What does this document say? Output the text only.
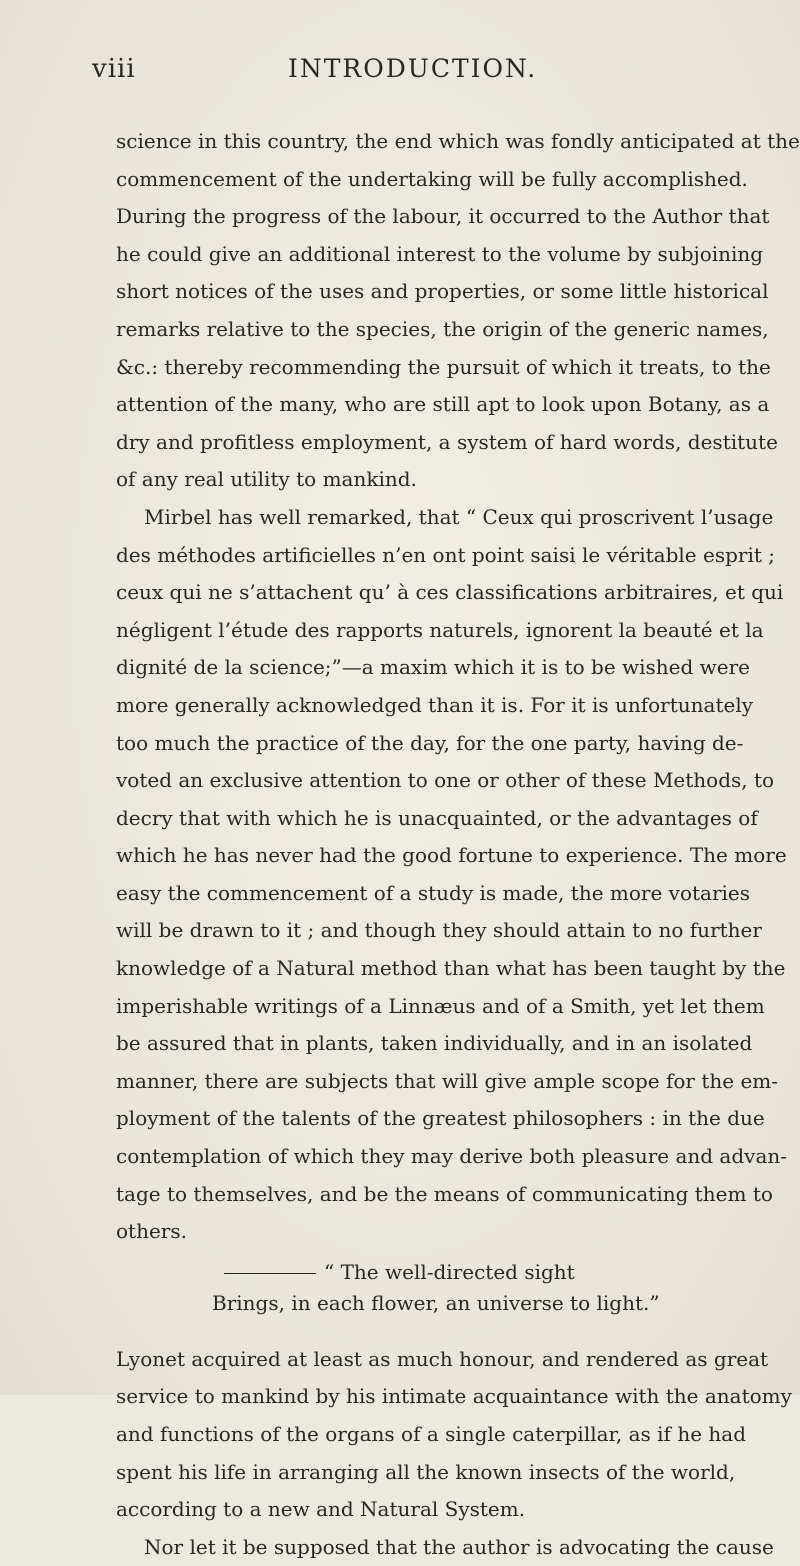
viii	INTRODUCTION.
science in this country, the end which was fondly anticipated at the
commencement of the undertaking will be fully accomplished.
During the progress of the labour, it occurred to the Author that
he could give an additional interest to the volume by subjoining
short notices of the uses and properties, or some little historical
remarks relative to the species, the origin of the generic names,
&c.: thereby recommending the pursuit of which it treats, to the
attention of the many, who are still apt to look upon Botany, as a
dry and profitless employment, a system of hard words, destitute
of any real utility to mankind.
Mirbel has well remarked, that “ Ceux qui proscrivent l’usage
des méthodes artificielles n’en ont point saisi le véritable esprit ;
ceux qui ne s’attachent qu’ à ces classifications arbitraires, et qui
négligent l’étude des rapports naturels, ignorent la beauté et la
dignité de la science;”—a maxim which it is to be wished were
more generally acknowledged than it is. For it is unfortunately
too much the practice of the day, for the one party, having de-
voted an exclusive attention to one or other of these Methods, to
decry that with which he is unacquainted, or the advantages of
which he has never had the good fortune to experience. The more
easy the commencement of a study is made, the more votaries
will be drawn to it ; and though they should attain to no further
knowledge of a Natural method than what has been taught by the
imperishable writings of a Linnæus and of a Smith, yet let them
be assured that in plants, taken individually, and in an isolated
manner, there are subjects that will give ample scope for the em-
ployment of the talents of the greatest philosophers : in the due
contemplation of which they may derive both pleasure and advan-
tage to themselves, and be the means of communicating them to
others.
“ The well-directed sight
Brings, in each flower, an universe to light.”
Lyonet acquired at least as much honour, and rendered as great
service to mankind by his intimate acquaintance with the anatomy
and functions of the organs of a single caterpillar, as if he had
spent his life in arranging all the known insects of the world,
according to a new and Natural System.
Nor let it be supposed that the author is advocating the cause
